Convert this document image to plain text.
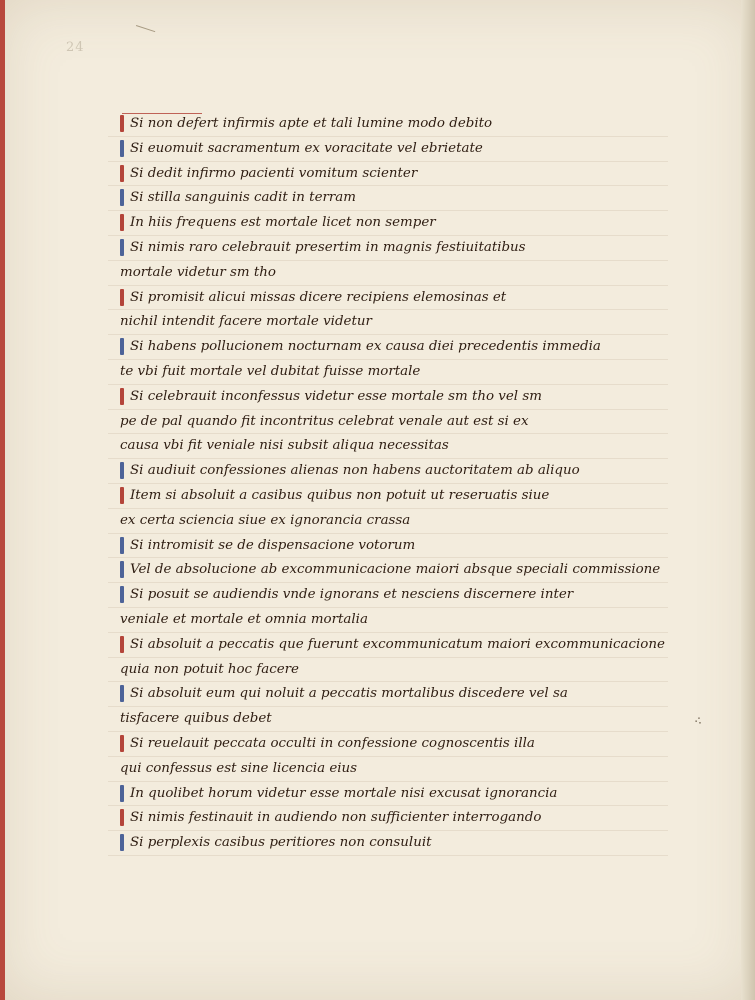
24
⁖
Si non defert infirmis apte et tali lumine modo debito
Si euomuit sacramentum ex voracitate vel ebrietate
Si dedit infirmo pacienti vomitum scienter
Si stilla sanguinis cadit in terram
In hiis frequens est mortale licet non semper
Si nimis raro celebrauit presertim in magnis festiuitatibus
mortale videtur sm tho
Si promisit alicui missas dicere recipiens elemosinas et
nichil intendit facere mortale videtur
Si habens pollucionem nocturnam ex causa diei precedentis immedia
te vbi fuit mortale vel dubitat fuisse mortale
Si celebrauit inconfessus videtur esse mortale sm tho vel sm
pe de pal quando fit incontritus celebrat venale aut est si ex
causa vbi fit veniale nisi subsit aliqua necessitas
Si audiuit confessiones alienas non habens auctoritatem ab aliquo
Item si absoluit a casibus quibus non potuit ut reseruatis siue
ex certa sciencia siue ex ignorancia crassa
Si intromisit se de dispensacione votorum
Vel de absolucione ab excommunicacione maiori absque speciali commissione
Si posuit se audiendis vnde ignorans et nesciens discernere inter
veniale et mortale et omnia mortalia
Si absoluit a peccatis que fuerunt excommunicatum maiori excommunicacione
quia non potuit hoc facere
Si absoluit eum qui noluit a peccatis mortalibus discedere vel sa
tisfacere quibus debet
Si reuelauit peccata occulti in confessione cognoscentis illa
qui confessus est sine licencia eius
In quolibet horum videtur esse mortale nisi excusat ignorancia
Si nimis festinauit in audiendo non sufficienter interrogando
Si perplexis casibus peritiores non consuluit
